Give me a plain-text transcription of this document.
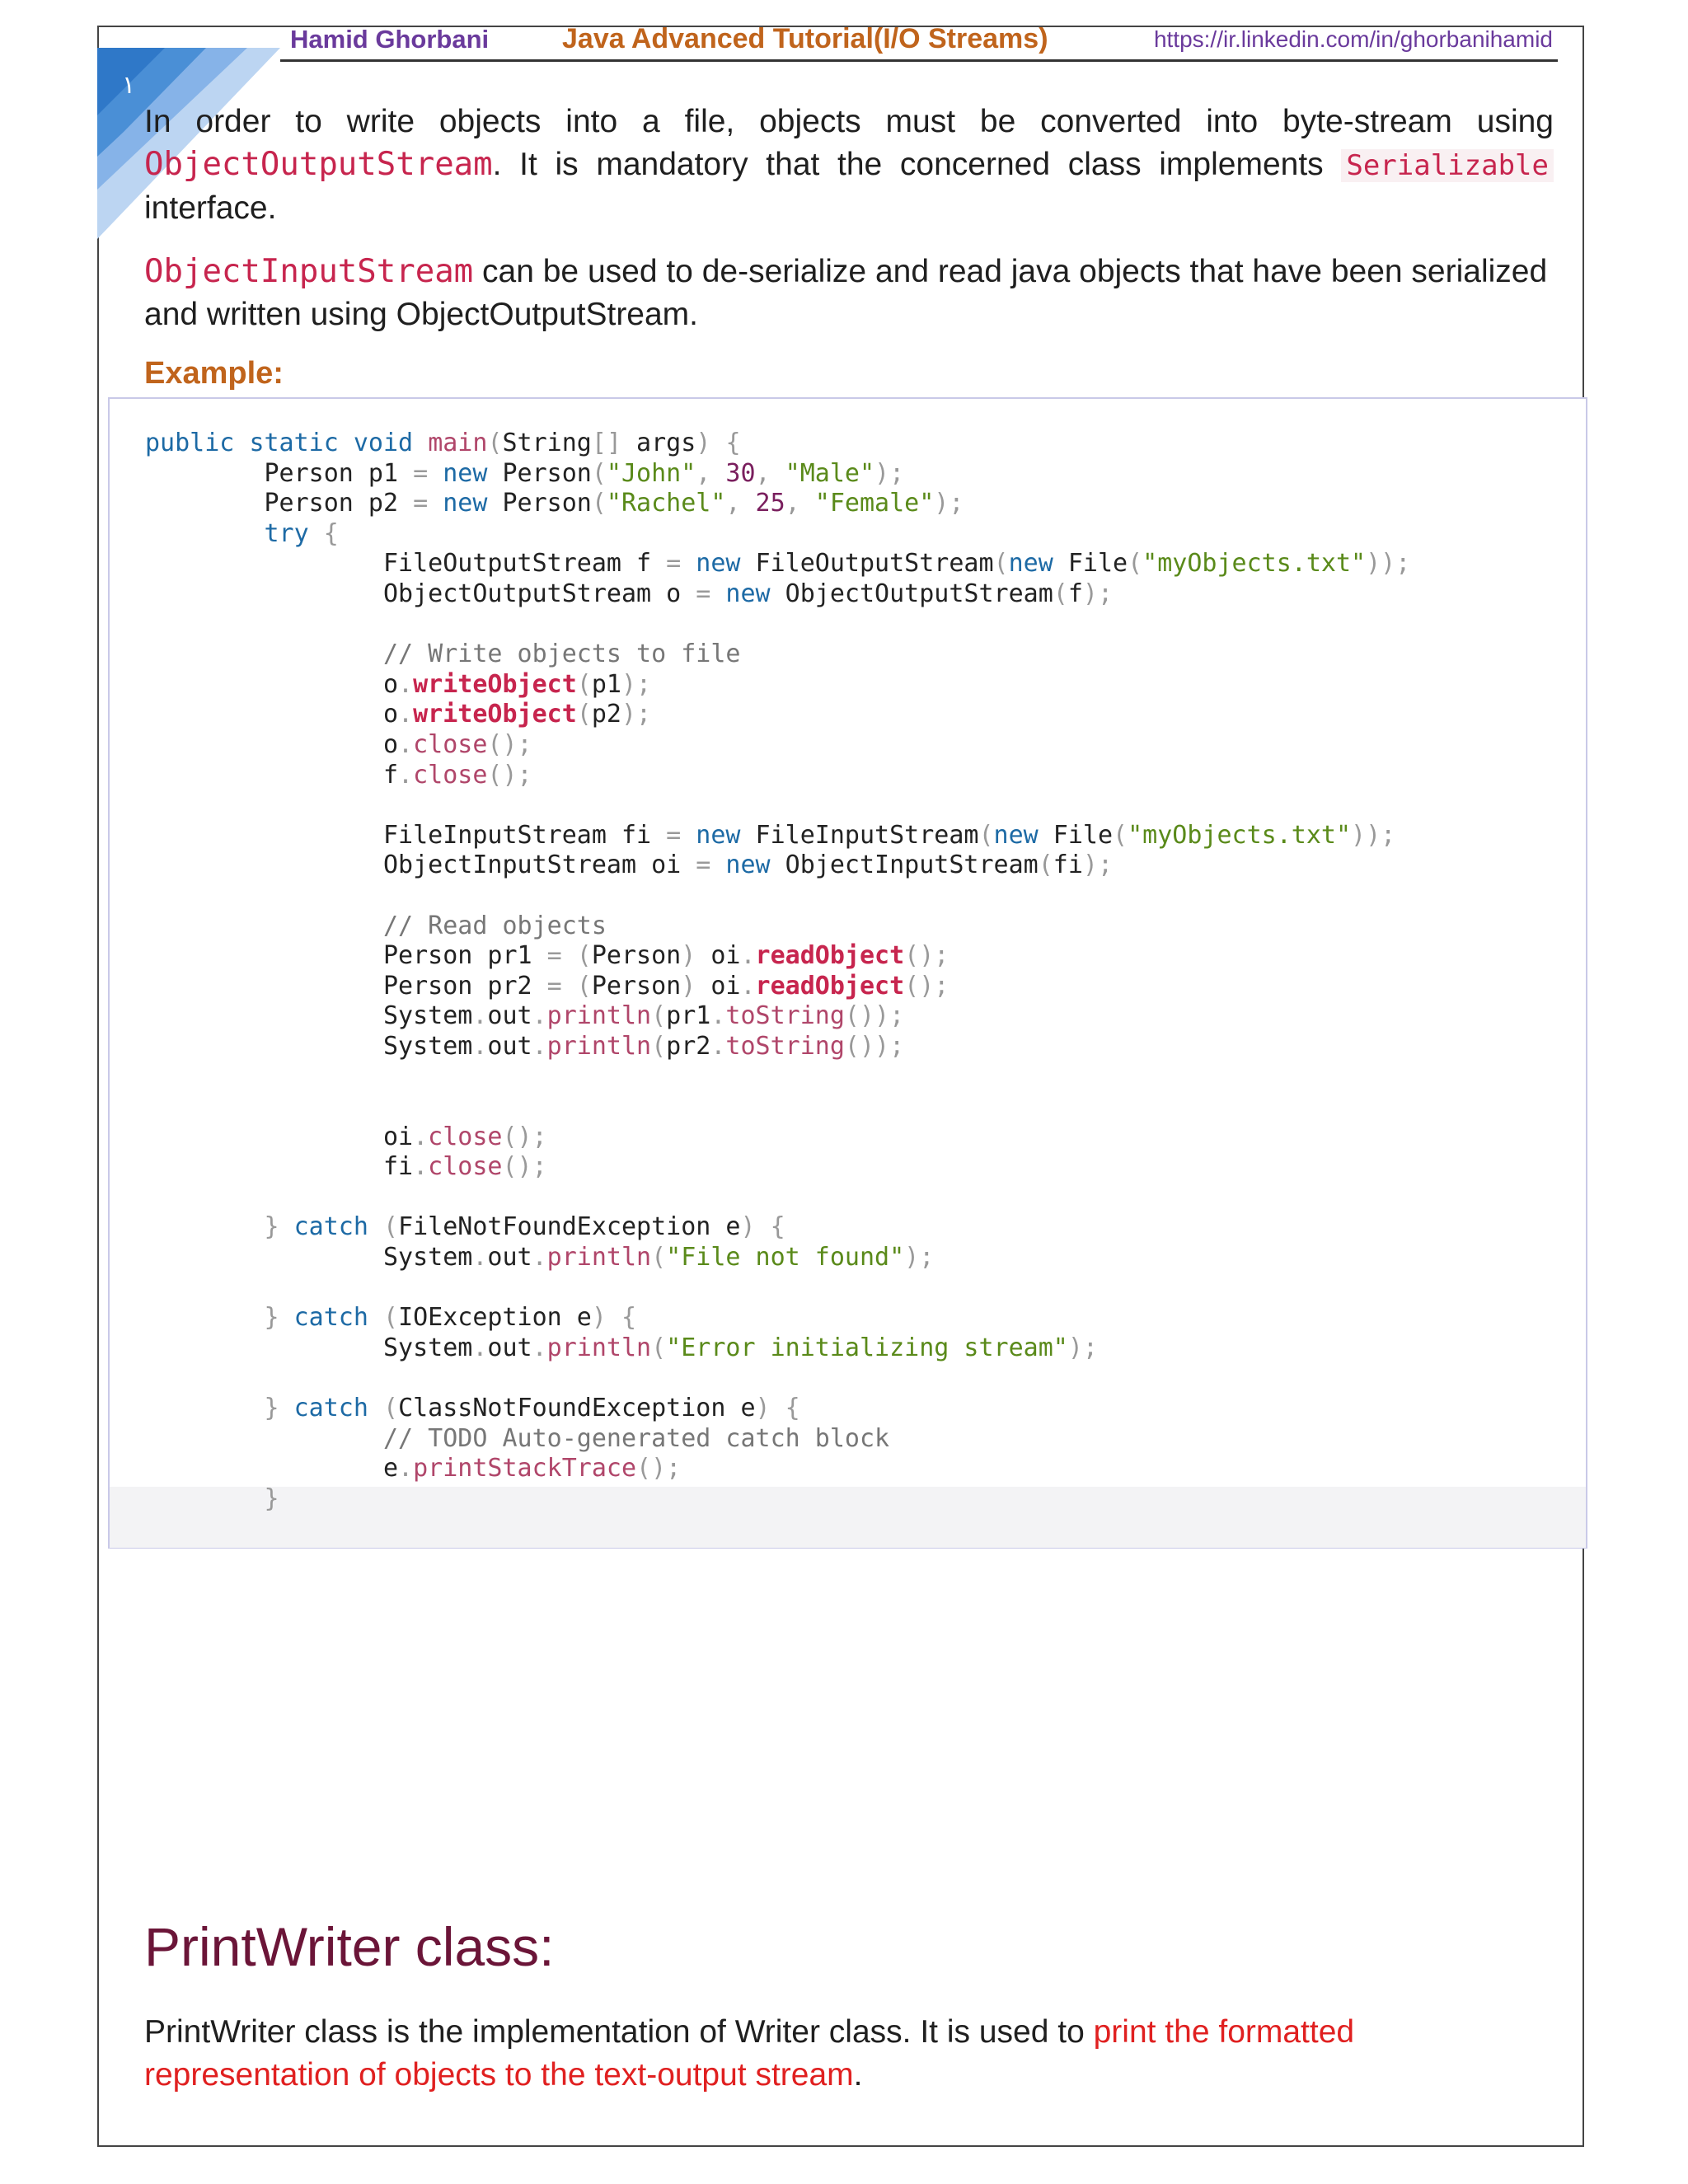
١
Hamid Ghorbani	Java Advanced Tutorial(I/O Streams)	https://ir.linkedin.com/in/ghorbanihamid
In order to write objects into a file, objects must be converted into byte-stream using ObjectOutputStream. It is mandatory that the concerned class implements Serializable interface.
ObjectInputStream can be used to de-serialize and read java objects that have been serialized and written using ObjectOutputStream.
Example:
public static void main(String[] args) {
Person p1 = new Person("John", 30, "Male");
Person p2 = new Person("Rachel", 25, "Female");
try {
FileOutputStream f = new FileOutputStream(new File("myObjects.txt"));
ObjectOutputStream o = new ObjectOutputStream(f);

// Write objects to file
o.writeObject(p1);
o.writeObject(p2);
o.close();
f.close();

FileInputStream fi = new FileInputStream(new File("myObjects.txt"));
ObjectInputStream oi = new ObjectInputStream(fi);

// Read objects
Person pr1 = (Person) oi.readObject();
Person pr2 = (Person) oi.readObject();
System.out.println(pr1.toString());
System.out.println(pr2.toString());

oi.close();
fi.close();

} catch (FileNotFoundException e) {
System.out.println("File not found");

} catch (IOException e) {
System.out.println("Error initializing stream");

} catch (ClassNotFoundException e) {
// TODO Auto-generated catch block
e.printStackTrace();
}
PrintWriter class:
PrintWriter class is the implementation of Writer class. It is used to print the formatted representation of objects to the text-output stream.
